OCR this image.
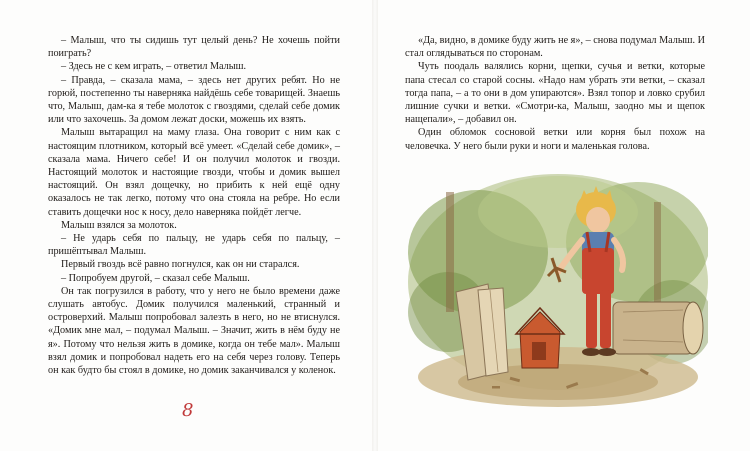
– Малыш, что ты сидишь тут целый день? Не хочешь пойти поиграть?

– Здесь не с кем играть, – ответил Малыш.

– Правда, – сказала мама, – здесь нет других ребят. Но не горюй, постепенно ты наверняка найдёшь себе товарищей. Знаешь что, Малыш, дам-ка я тебе молоток с гвоздями, сделай себе домик или что захочешь. За домом лежат доски, можешь их взять.

Малыш вытаращил на маму глаза. Она говорит с ним как с настоящим плотником, который всё умеет. «Сделай себе домик», – сказала мама. Ничего себе! И он получил молоток и гвозди. Настоящий молоток и настоящие гвозди, чтобы и домик вышел настоящий. Он взял дощечку, но прибить к ней ещё одну оказалось не так легко, потому что она стояла на ребре. Но если ставить дощечки нос к носу, дело наверняка пойдёт легче.

Малыш взялся за молоток.

– Не ударь себя по пальцу, не ударь себя по пальцу, – пришёптывал Малыш.

Первый гвоздь всё равно погнулся, как он ни старался.

– Попробуем другой, – сказал себе Малыш.

Он так погрузился в работу, что у него не было времени даже слушать автобус. Домик получился маленький, странный и островерхий. Малыш попробовал залезть в него, но не втиснулся. «Домик мне мал, – подумал Малыш. – Значит, жить в нём буду не я». Потому что нельзя жить в домике, когда он тебе мал». Малыш взял домик и попробовал надеть его на себя через голову. Теперь он как будто бы стоял в домике, но домик заканчивался у коленок.

8

«Да, видно, в домике буду жить не я», – снова подумал Малыш. И стал оглядываться по сторонам.

Чуть поодаль валялись корни, щепки, сучья и ветки, которые папа стесал со старой сосны. «Надо нам убрать эти ветки, – сказал тогда папа, – а то они в дом упираются». Взял топор и ловко срубил лишние сучки и ветки. «Смотри-ка, Малыш, заодно мы и щепок нащепали», – добавил он.

Один обломок сосновой ветки или корня был похож на человечка. У него были руки и ноги и маленькая голова.
